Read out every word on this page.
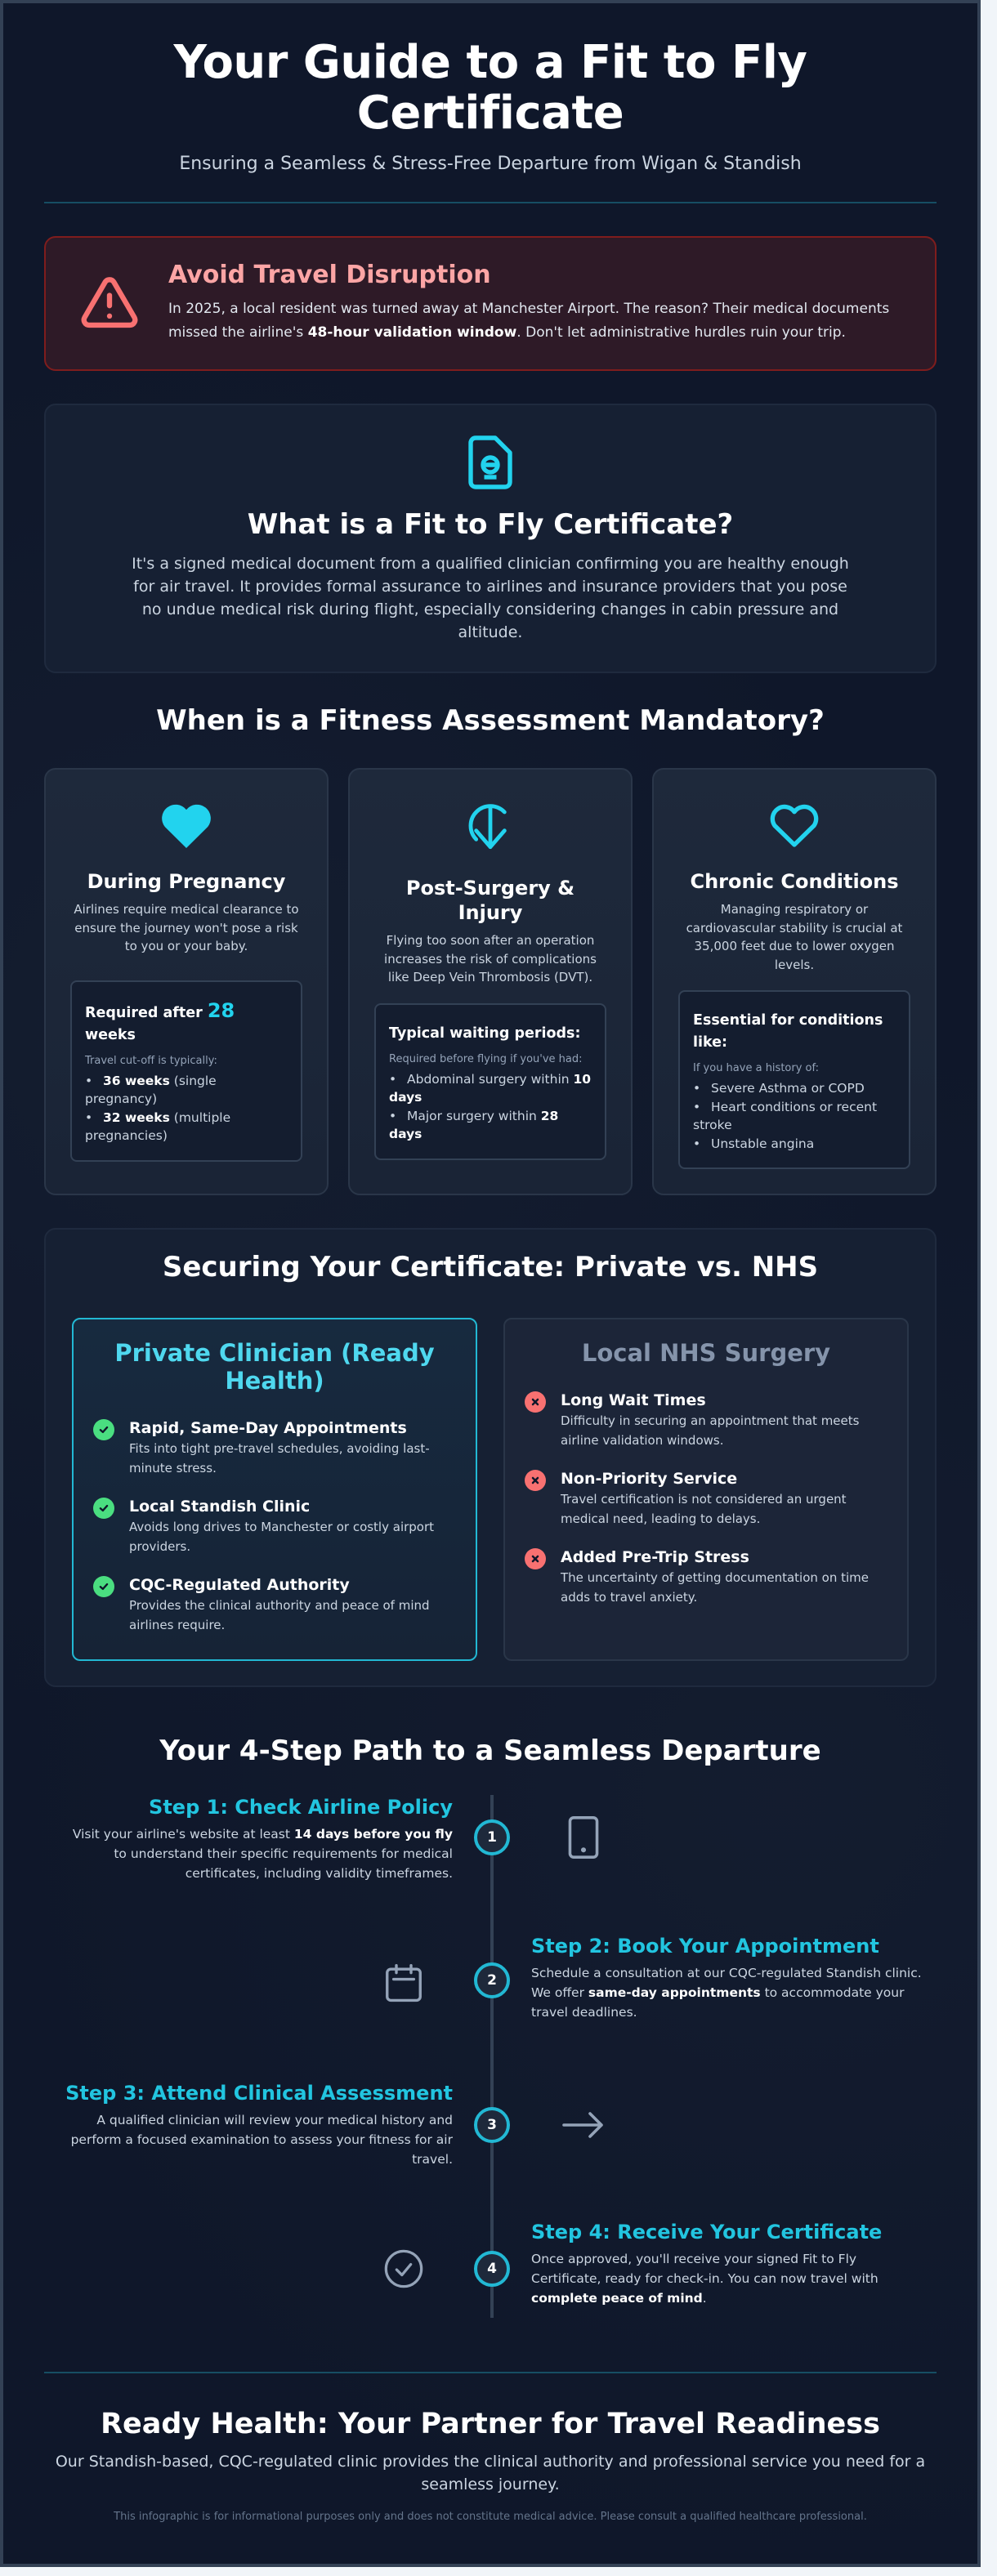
Your Guide to a Fit to Fly Certificate
Ensuring a Seamless & Stress-Free Departure from Wigan & Standish
Avoid Travel Disruption

In 2025, a local resident was turned away at Manchester Airport. The reason? Their medical documents missed the airline's 48-hour validation window. Don't let administrative hurdles ruin your trip.

What is a Fit to Fly Certificate?

It's a signed medical document from a qualified clinician confirming you are healthy enough for air travel. It provides formal assurance to airlines and insurance providers that you pose no undue medical risk during flight, especially considering changes in cabin pressure and altitude.

When is a Fitness Assessment Mandatory?
During Pregnancy

Airlines require medical clearance to ensure the journey won't pose a risk to you or your baby.

Required after 28 weeks
Travel cut-off is typically:
• 36 weeks (single pregnancy)
• 32 weeks (multiple pregnancies)
Post-Surgery & Injury

Flying too soon after an operation increases the risk of complications like Deep Vein Thrombosis (DVT).

Typical waiting periods:
Required before flying if you've had:
• Abdominal surgery within 10 days
• Major surgery within 28 days
Chronic Conditions

Managing respiratory or cardiovascular stability is crucial at 35,000 feet due to lower oxygen levels.

Essential for conditions like:
If you have a history of:
• Severe Asthma or COPD
• Heart conditions or recent stroke
• Unstable angina
Securing Your Certificate: Private vs. NHS
Private Clinician (Ready Health)
Rapid, Same-Day Appointments

Fits into tight pre-travel schedules, avoiding last-minute stress.

Local Standish Clinic

Avoids long drives to Manchester or costly airport providers.

CQC-Regulated Authority

Provides the clinical authority and peace of mind airlines require.

Local NHS Surgery
Long Wait Times

Difficulty in securing an appointment that meets airline validation windows.

Non-Priority Service

Travel certification is not considered an urgent medical need, leading to delays.

Added Pre-Trip Stress

The uncertainty of getting documentation on time adds to travel anxiety.

Your 4-Step Path to a Seamless Departure
Step 1: Check Airline Policy

Visit your airline's website at least 14 days before you fly to understand their specific requirements for medical certificates, including validity timeframes.

1
2
Step 2: Book Your Appointment

Schedule a consultation at our CQC-regulated Standish clinic. We offer same-day appointments to accommodate your travel deadlines.

Step 3: Attend Clinical Assessment

A qualified clinician will review your medical history and perform a focused examination to assess your fitness for air travel.

3
4
Step 4: Receive Your Certificate

Once approved, you'll receive your signed Fit to Fly Certificate, ready for check-in. You can now travel with complete peace of mind.

Ready Health: Your Partner for Travel Readiness

Our Standish-based, CQC-regulated clinic provides the clinical authority and professional service you need for a seamless journey.

This infographic is for informational purposes only and does not constitute medical advice. Please consult a qualified healthcare professional.
